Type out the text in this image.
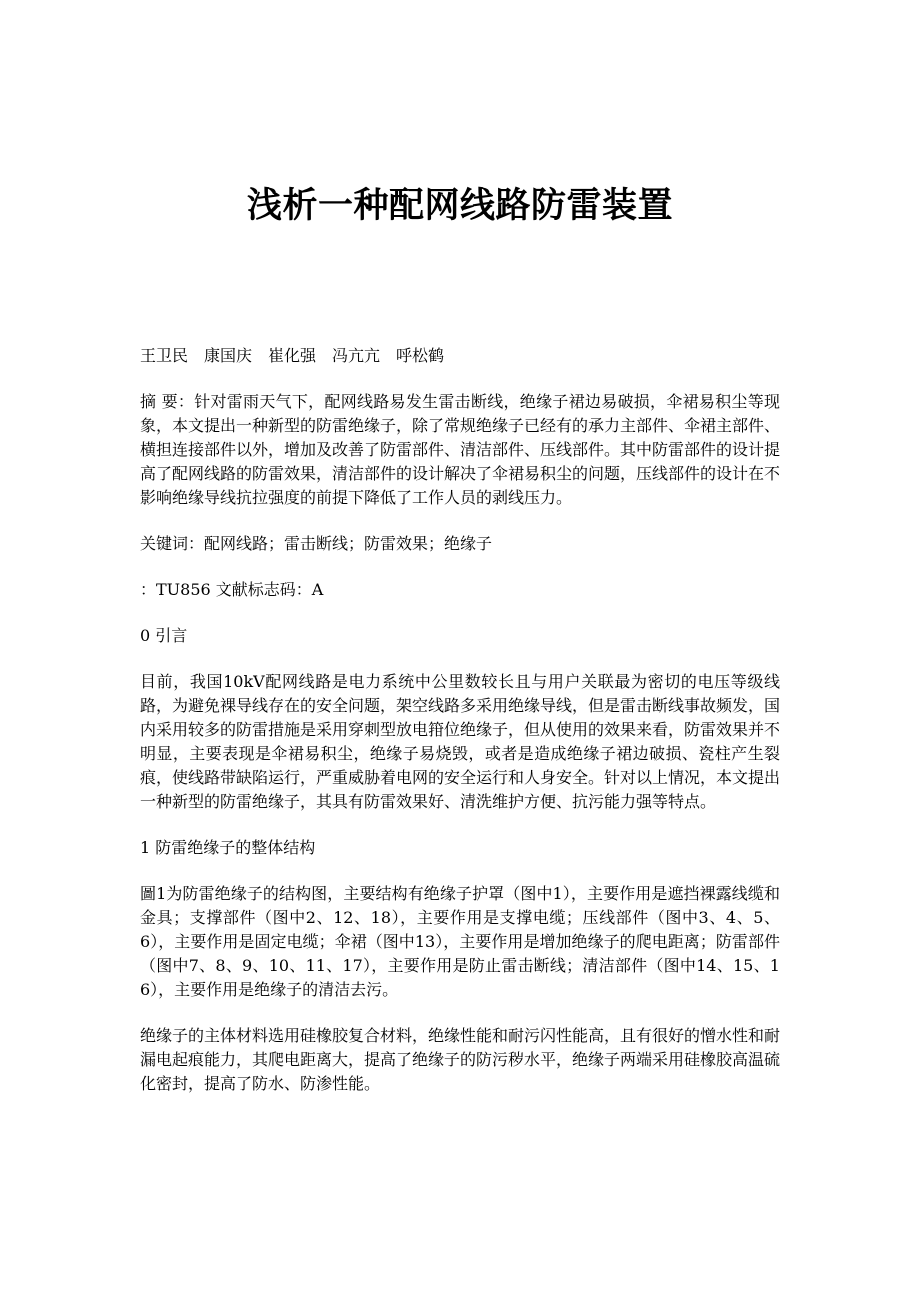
浅析一种配网线路防雷装置

王卫民　康国庆　崔化强　冯亢亢　呼松鹤

摘 要：针对雷雨天气下，配网线路易发生雷击断线，绝缘子裙边易破损，伞裙易积尘等现象，本文提出一种新型的防雷绝缘子，除了常规绝缘子已经有的承力主部件、伞裙主部件、横担连接部件以外，增加及改善了防雷部件、清洁部件、压线部件。其中防雷部件的设计提高了配网线路的防雷效果，清洁部件的设计解决了伞裙易积尘的问题，压线部件的设计在不影响绝缘导线抗拉强度的前提下降低了工作人员的剥线压力。

关键词：配网线路；雷击断线；防雷效果；绝缘子

：TU856 文献标志码：A

0 引言

目前，我国10kV配网线路是电力系统中公里数较长且与用户关联最为密切的电压等级线路，为避免裸导线存在的安全问题，架空线路多采用绝缘导线，但是雷击断线事故频发，国内采用较多的防雷措施是采用穿刺型放电箝位绝缘子，但从使用的效果来看，防雷效果并不明显，主要表现是伞裙易积尘，绝缘子易烧毁，或者是造成绝缘子裙边破损、瓷柱产生裂痕，使线路带缺陷运行，严重威胁着电网的安全运行和人身安全。针对以上情况，本文提出一种新型的防雷绝缘子，其具有防雷效果好、清洗维护方便、抗污能力强等特点。

1 防雷绝缘子的整体结构

圖1为防雷绝缘子的结构图，主要结构有绝缘子护罩（图中1），主要作用是遮挡裸露线缆和金具；支撑部件（图中2、12、18），主要作用是支撑电缆；压线部件（图中3、4、5、6），主要作用是固定电缆；伞裙（图中13），主要作用是增加绝缘子的爬电距离；防雷部件（图中7、8、9、10、11、17），主要作用是防止雷击断线；清洁部件（图中14、15、16），主要作用是绝缘子的清洁去污。

绝缘子的主体材料选用硅橡胶复合材料，绝缘性能和耐污闪性能高，且有很好的憎水性和耐漏电起痕能力，其爬电距离大，提高了绝缘子的防污秽水平，绝缘子两端采用硅橡胶高温硫化密封，提高了防水、防渗性能。
